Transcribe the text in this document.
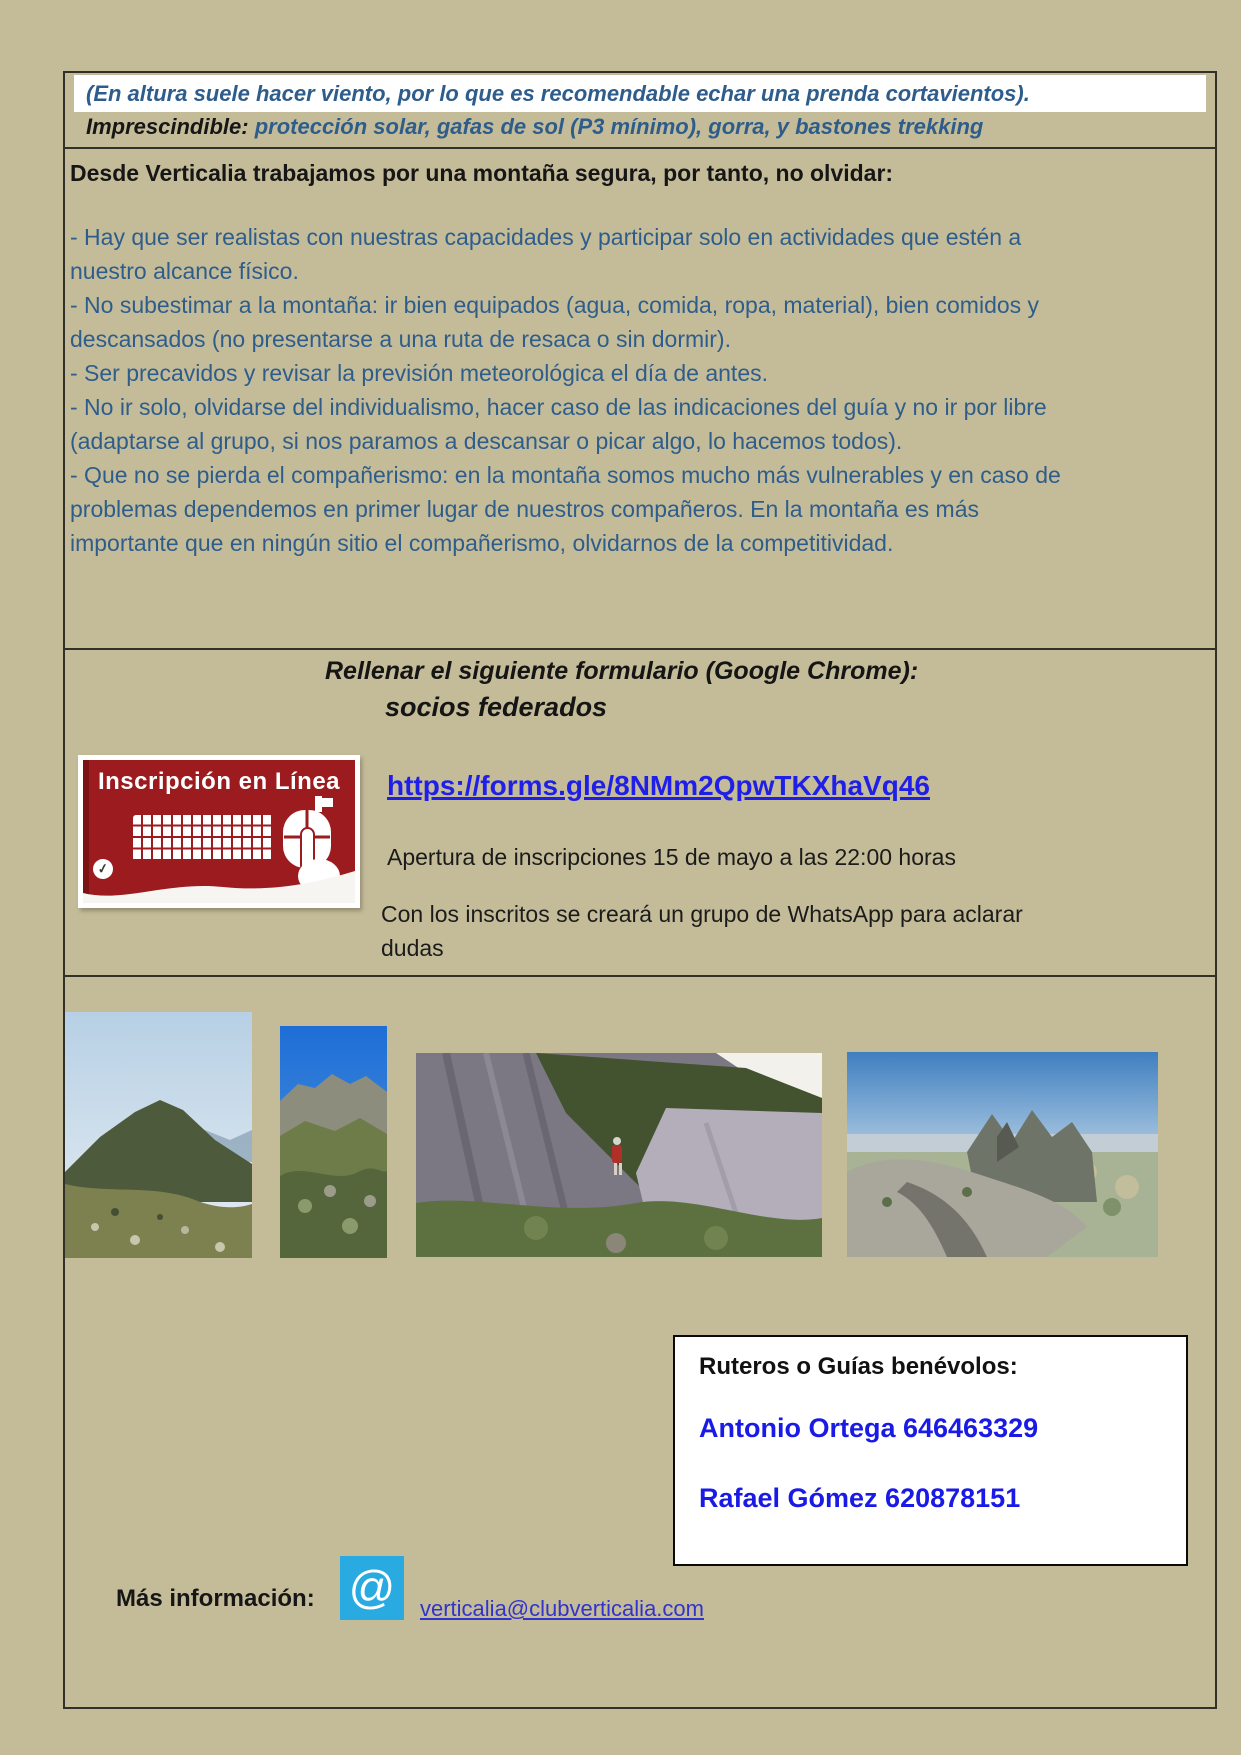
(En altura suele hacer viento, por lo que es recomendable echar una prenda cortavientos).
Imprescindible: protección solar, gafas de sol (P3 mínimo), gorra, y bastones trekking
Desde Verticalia trabajamos por una montaña segura, por tanto, no olvidar:

- Hay que ser realistas con nuestras capacidades y participar solo en actividades que estén a nuestro alcance físico.

- No subestimar a la montaña: ir bien equipados (agua, comida, ropa, material), bien comidos y descansados (no presentarse a una ruta de resaca o sin dormir).

- Ser precavidos y revisar la previsión meteorológica el día de antes.

- No ir solo, olvidarse del individualismo, hacer caso de las indicaciones del guía y no ir por libre (adaptarse al grupo, si nos paramos a descansar o picar algo, lo hacemos todos).

- Que no se pierda el compañerismo: en la montaña somos mucho más vulnerables y en caso de problemas dependemos en primer lugar de nuestros compañeros. En la montaña es más importante que en ningún sitio el compañerismo, olvidarnos de la competitividad.

Rellenar el siguiente formulario (Google Chrome):
socios federados
Inscripción en Línea
✓
https://forms.gle/8NMm2QpwTKXhaVq46
Apertura de inscripciones 15 de mayo a las 22:00 horas
Con los inscritos se creará un grupo de WhatsApp para aclarar dudas
Ruteros o Guías benévolos:
Antonio Ortega 646463329
Rafael Gómez 620878151
Más información: @	verticalia@clubverticalia.com
